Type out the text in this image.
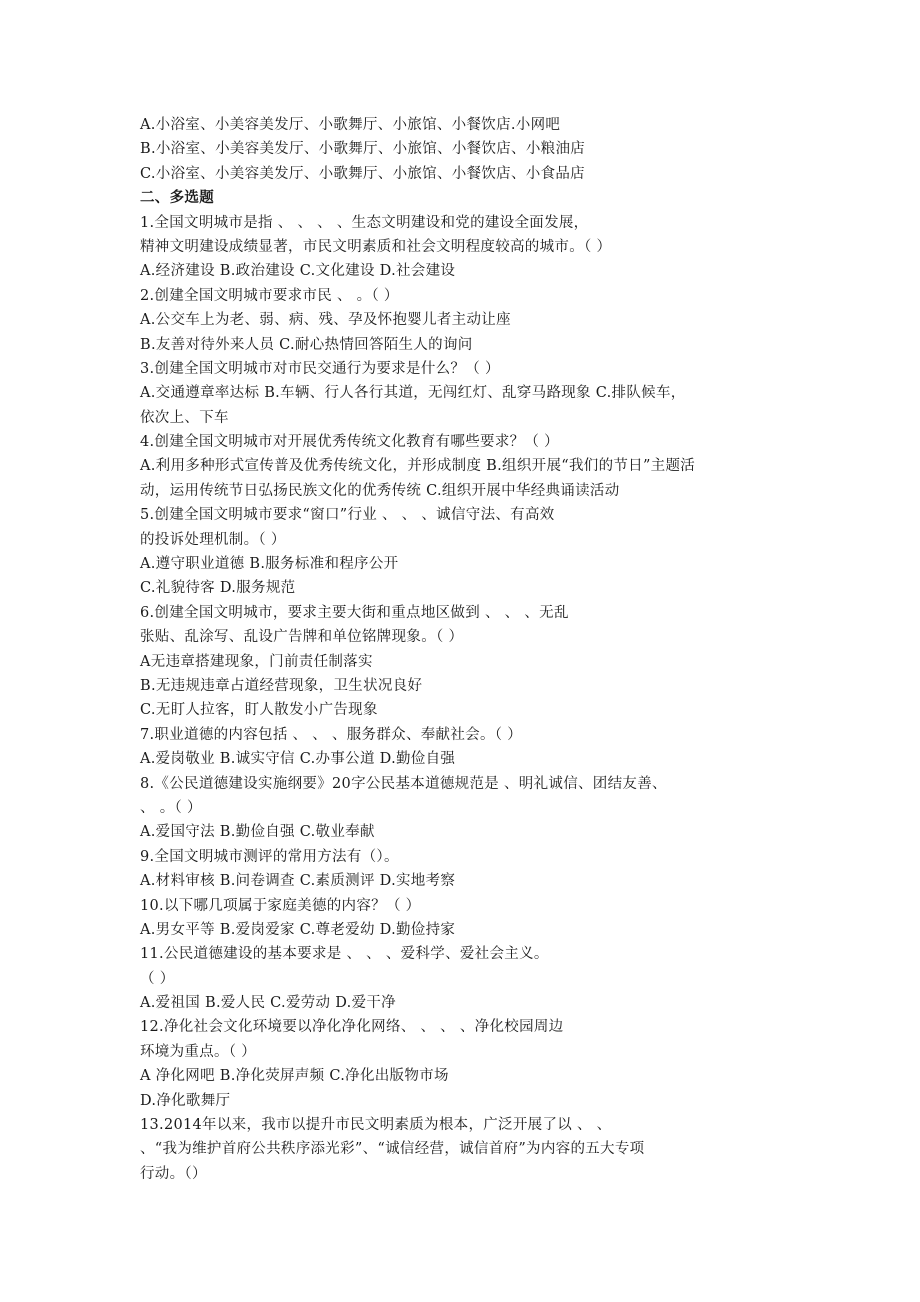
A.小浴室、小美容美发厅、小歌舞厅、小旅馆、小餐饮店.小网吧
B.小浴室、小美容美发厅、小歌舞厅、小旅馆、小餐饮店、小粮油店
C.小浴室、小美容美发厅、小歌舞厅、小旅馆、小餐饮店、小食品店
二、多选题
1.全国文明城市是指 、 、 、 、生态文明建设和党的建设全面发展，
精神文明建设成绩显著，市民文明素质和社会文明程度较高的城市。（ ）
A.经济建设 B.政治建设 C.文化建设 D.社会建设
2.创建全国文明城市要求市民 、 。（ ）
A.公交车上为老、弱、病、残、孕及怀抱婴儿者主动让座
B.友善对待外来人员 C.耐心热情回答陌生人的询问
3.创建全国文明城市对市民交通行为要求是什么？（ ）
A.交通遵章率达标 B.车辆、行人各行其道，无闯红灯、乱穿马路现象 C.排队候车，
依次上、下车
4.创建全国文明城市对开展优秀传统文化教育有哪些要求？（ ）
A.利用多种形式宣传普及优秀传统文化，并形成制度 B.组织开展“我们的节日”主题活
动，运用传统节日弘扬民族文化的优秀传统 C.组织开展中华经典诵读活动
5.创建全国文明城市要求“窗口”行业 、 、 、诚信守法、有高效
的投诉处理机制。（ ）
A.遵守职业道德 B.服务标准和程序公开
C.礼貌待客 D.服务规范
6.创建全国文明城市，要求主要大街和重点地区做到 、 、 、无乱
张贴、乱涂写、乱设广告牌和单位铭牌现象。（ ）
A无违章搭建现象，门前责任制落实
B.无违规违章占道经营现象，卫生状况良好
C.无盯人拉客，盯人散发小广告现象
7.职业道德的内容包括 、 、 、服务群众、奉献社会。（ ）
A.爱岗敬业 B.诚实守信 C.办事公道 D.勤俭自强
8.《公民道德建设实施纲要》20字公民基本道德规范是 、明礼诚信、团结友善、
、 。（ ）
A.爱国守法 B.勤俭自强 C.敬业奉献
9.全国文明城市测评的常用方法有（）。
A.材料审核 B.问卷调查 C.素质测评 D.实地考察
10.以下哪几项属于家庭美德的内容？（ ）
A.男女平等 B.爱岗爱家 C.尊老爱幼 D.勤俭持家
11.公民道德建设的基本要求是 、 、 、爱科学、爱社会主义。
（ ）
A.爱祖国 B.爱人民 C.爱劳动 D.爱干净
12.净化社会文化环境要以净化净化网络、 、 、 、净化校园周边
环境为重点。（ ）
A 净化网吧 B.净化荧屏声频 C.净化出版物市场
D.净化歌舞厅
13.2014年以来，我市以提升市民文明素质为根本，广泛开展了以 、 、
、“我为维护首府公共秩序添光彩”、“诚信经营，诚信首府”为内容的五大专项
行动。（）
